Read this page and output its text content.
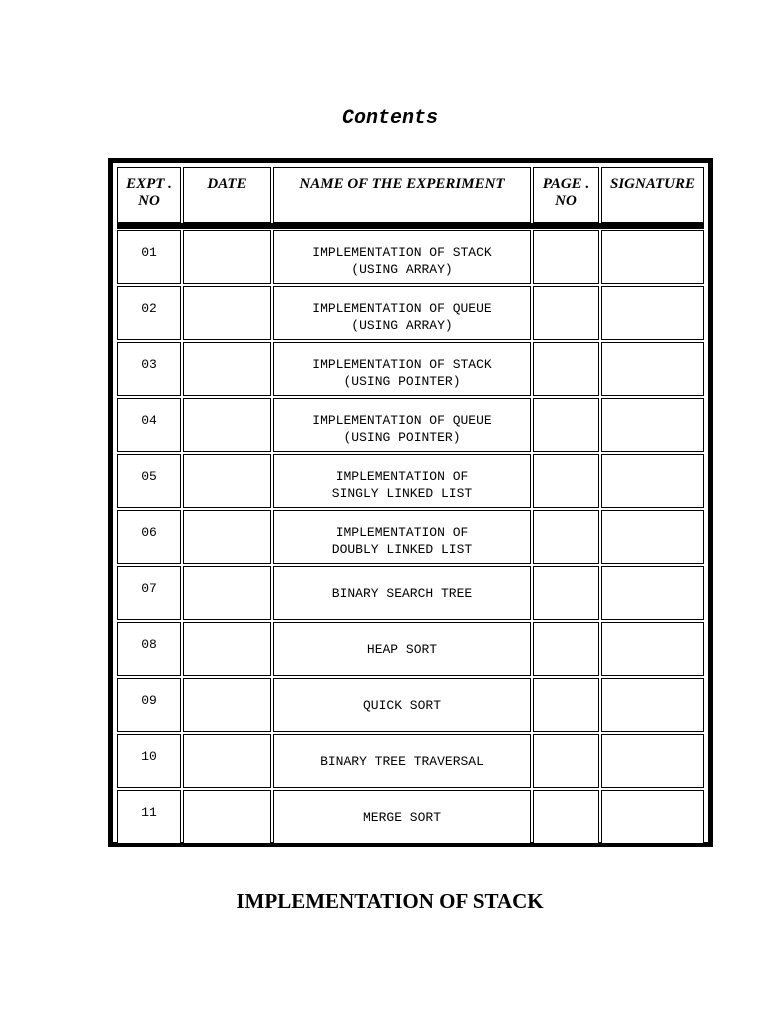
Contents
EXPT . NO		DATE		NAME OF THE EXPERIMENT		PAGE . NO		SIGNATURE

01				IMPLEMENTATION OF STACK
(USING ARRAY)				

02				IMPLEMENTATION OF QUEUE
(USING ARRAY)				

03				IMPLEMENTATION OF STACK
(USING POINTER)				

04				IMPLEMENTATION OF QUEUE
(USING POINTER)				

05				IMPLEMENTATION OF
SINGLY LINKED LIST				

06				IMPLEMENTATION OF
DOUBLY LINKED LIST				

07				BINARY SEARCH TREE				

08				HEAP SORT				

09				QUICK SORT				

10				BINARY TREE TRAVERSAL				

11				MERGE SORT				

IMPLEMENTATION OF STACK
